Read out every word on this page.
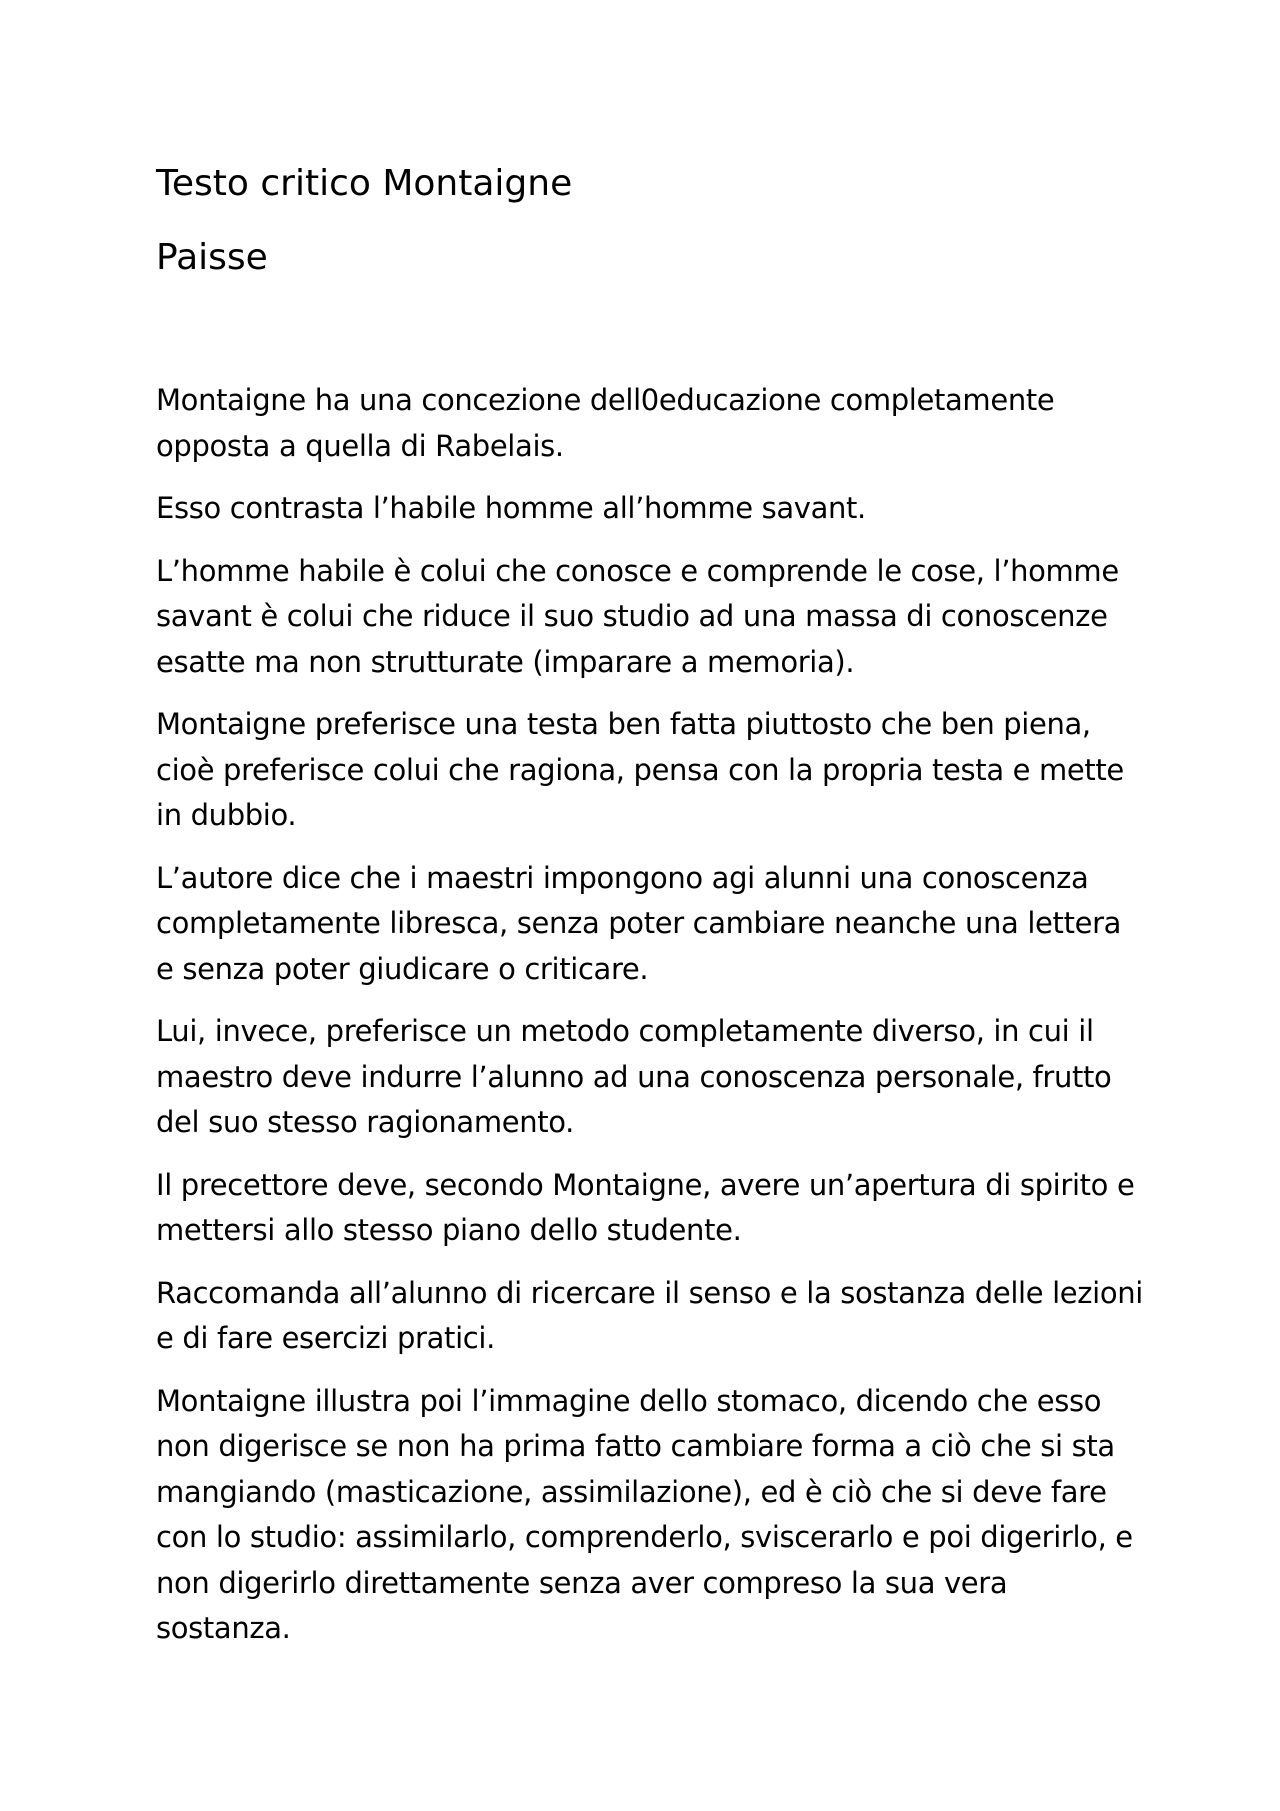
Testo critico Montaigne
Paisse

Montaigne ha una concezione dell0educazione completamente opposta a quella di Rabelais.

Esso contrasta l’habile homme all’homme savant.

L’homme habile è colui che conosce e comprende le cose, l’homme savant è colui che riduce il suo studio ad una massa di conoscenze esatte ma non strutturate (imparare a memoria).

Montaigne preferisce una testa ben fatta piuttosto che ben piena, cioè preferisce colui che ragiona, pensa con la propria testa e mette in dubbio.

L’autore dice che i maestri impongono agi alunni una conoscenza completamente libresca, senza poter cambiare neanche una lettera e senza poter giudicare o criticare.

Lui, invece, preferisce un metodo completamente diverso, in cui il maestro deve indurre l’alunno ad una conoscenza personale, frutto del suo stesso ragionamento.

Il precettore deve, secondo Montaigne, avere un’apertura di spirito e mettersi allo stesso piano dello studente.

Raccomanda all’alunno di ricercare il senso e la sostanza delle lezioni e di fare esercizi pratici.

Montaigne illustra poi l’immagine dello stomaco, dicendo che esso non digerisce se non ha prima fatto cambiare forma a ciò che si sta mangiando (masticazione, assimilazione), ed è ciò che si deve fare con lo studio: assimilarlo, comprenderlo, sviscerarlo e poi digerirlo, e non digerirlo direttamente senza aver compreso la sua vera sostanza.
